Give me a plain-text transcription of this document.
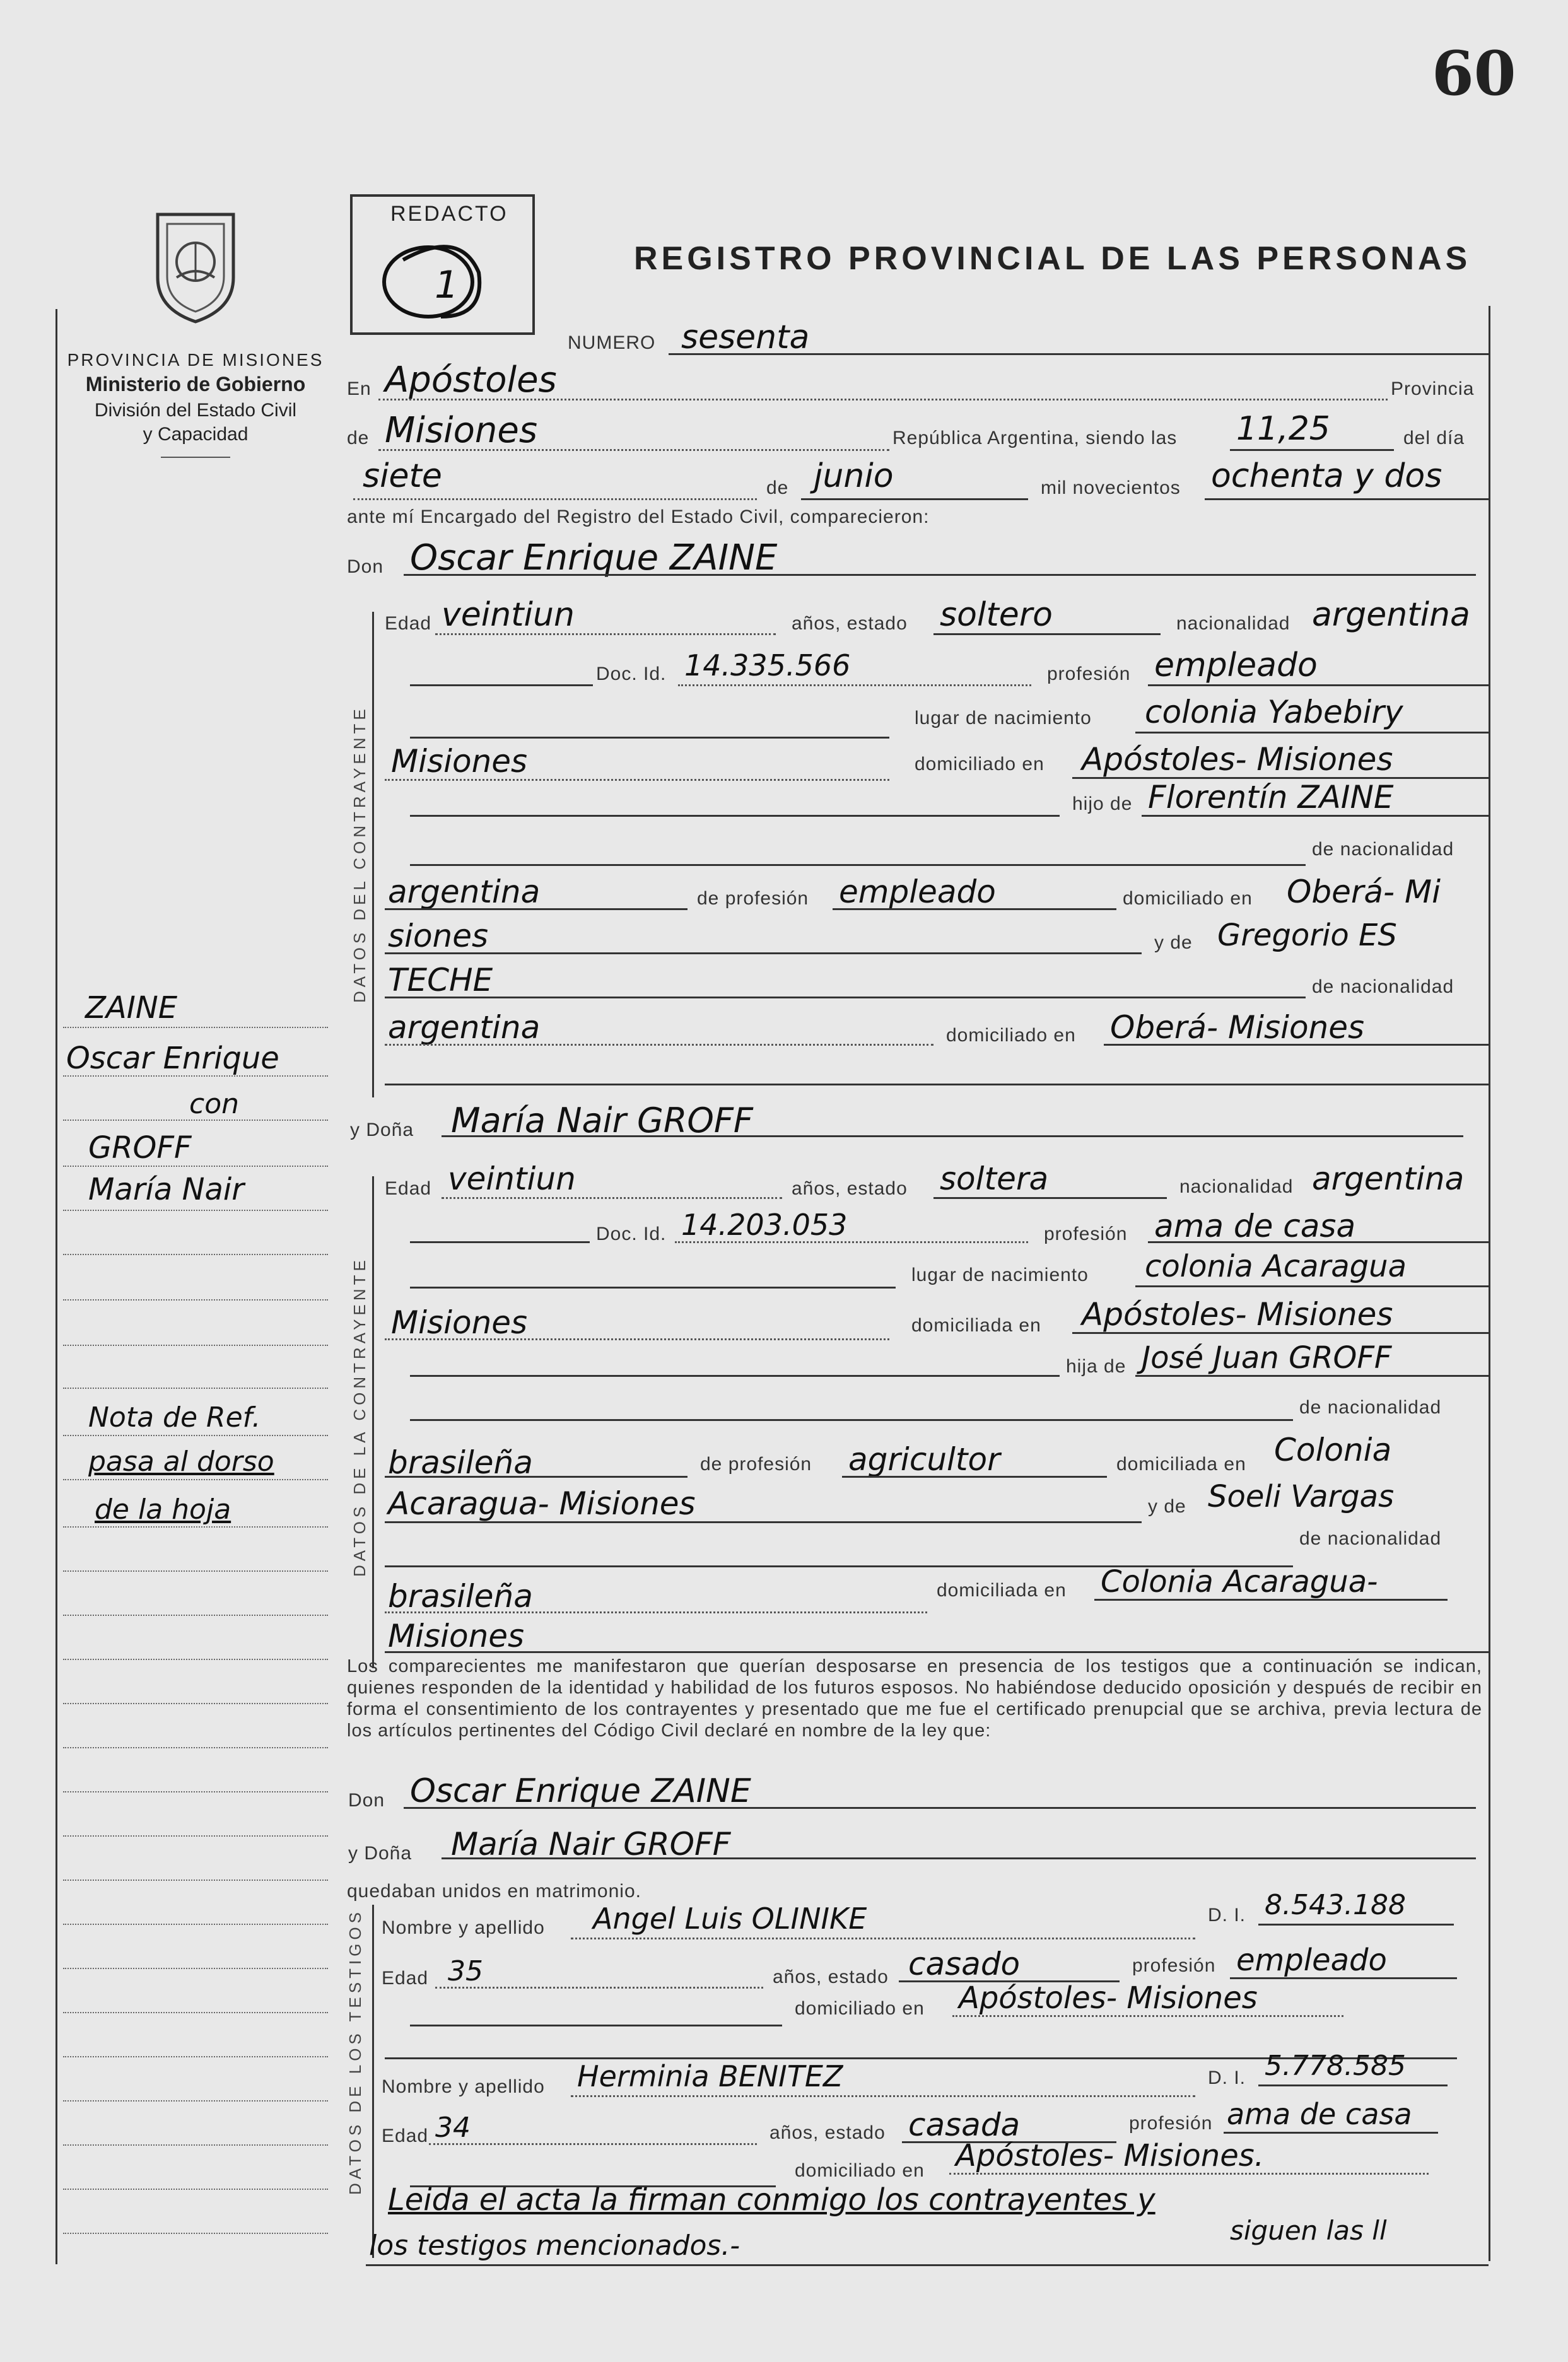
60
PROVINCIA DE MISIONES
Ministerio de Gobierno
División del Estado Civil
y Capacidad
REDACTO
1
REGISTRO PROVINCIAL DE LAS PERSONAS
NUMERO sesenta
En Apóstoles	Provincia
de Misiones	República Argentina, siendo las 11,25	del día
siete	de junio	mil novecientos ochenta y dos
ante mí Encargado del Registro del Estado Civil, comparecieron:
Don Oscar Enrique ZAINE
DATOS DEL CONTRAYENTE
Edad veintiun	años, estado soltero	nacionalidad argentina
Doc. Id. 14.335.566	profesión empleado
lugar de nacimiento colonia Yabebiry
Misiones	domiciliado en Apóstoles- Misiones
hijo de Florentín ZAINE
de nacionalidad
argentina	de profesión empleado	domiciliado en Oberá- Mi
siones	y de Gregorio ES
TECHE	de nacionalidad
argentina	domiciliado en Oberá- Misiones
y Doña María Nair GROFF
DATOS DE LA CONTRAYENTE
Edad veintiun	años, estado soltera	nacionalidad argentina
Doc. Id. 14.203.053	profesión ama de casa
lugar de nacimiento colonia Acaragua
Misiones	domiciliada en Apóstoles- Misiones
hija de José Juan GROFF
de nacionalidad
brasileña	de profesión agricultor	domiciliada en Colonia
Acaragua- Misiones	y de Soeli Vargas
de nacionalidad
brasileña	domiciliada en Colonia Acaragua-
Misiones
Los comparecientes me manifestaron que querían desposarse en presencia de los testigos que a continuación se indican, quienes responden de la identidad y habilidad de los futuros esposos. No habiéndose deducido oposición y después de recibir en forma el consentimiento de los contrayentes y presentado que me fue el certificado prenupcial que se archiva, previa lectura de los artículos pertinentes del Código Civil declaré en nombre de la ley que:
Don Oscar Enrique ZAINE
y Doña María Nair GROFF
quedaban unidos en matrimonio.
DATOS DE LOS TESTIGOS Nombre y apellido Angel Luis OLINIKE	D. I. 8.543.188
Edad 35	años, estado casado	profesión empleado
domiciliado en Apóstoles- Misiones
Nombre y apellido Herminia BENITEZ	D. I. 5.778.585
Edad 34	años, estado casada	profesión ama de casa
domiciliado en Apóstoles- Misiones.
Leida el acta la firman conmigo los contrayentes y
siguen las ll
los testigos mencionados.-
ZAINE
Oscar Enrique
con
GROFF
María Nair
Nota de Ref.
pasa al dorso
de la hoja
